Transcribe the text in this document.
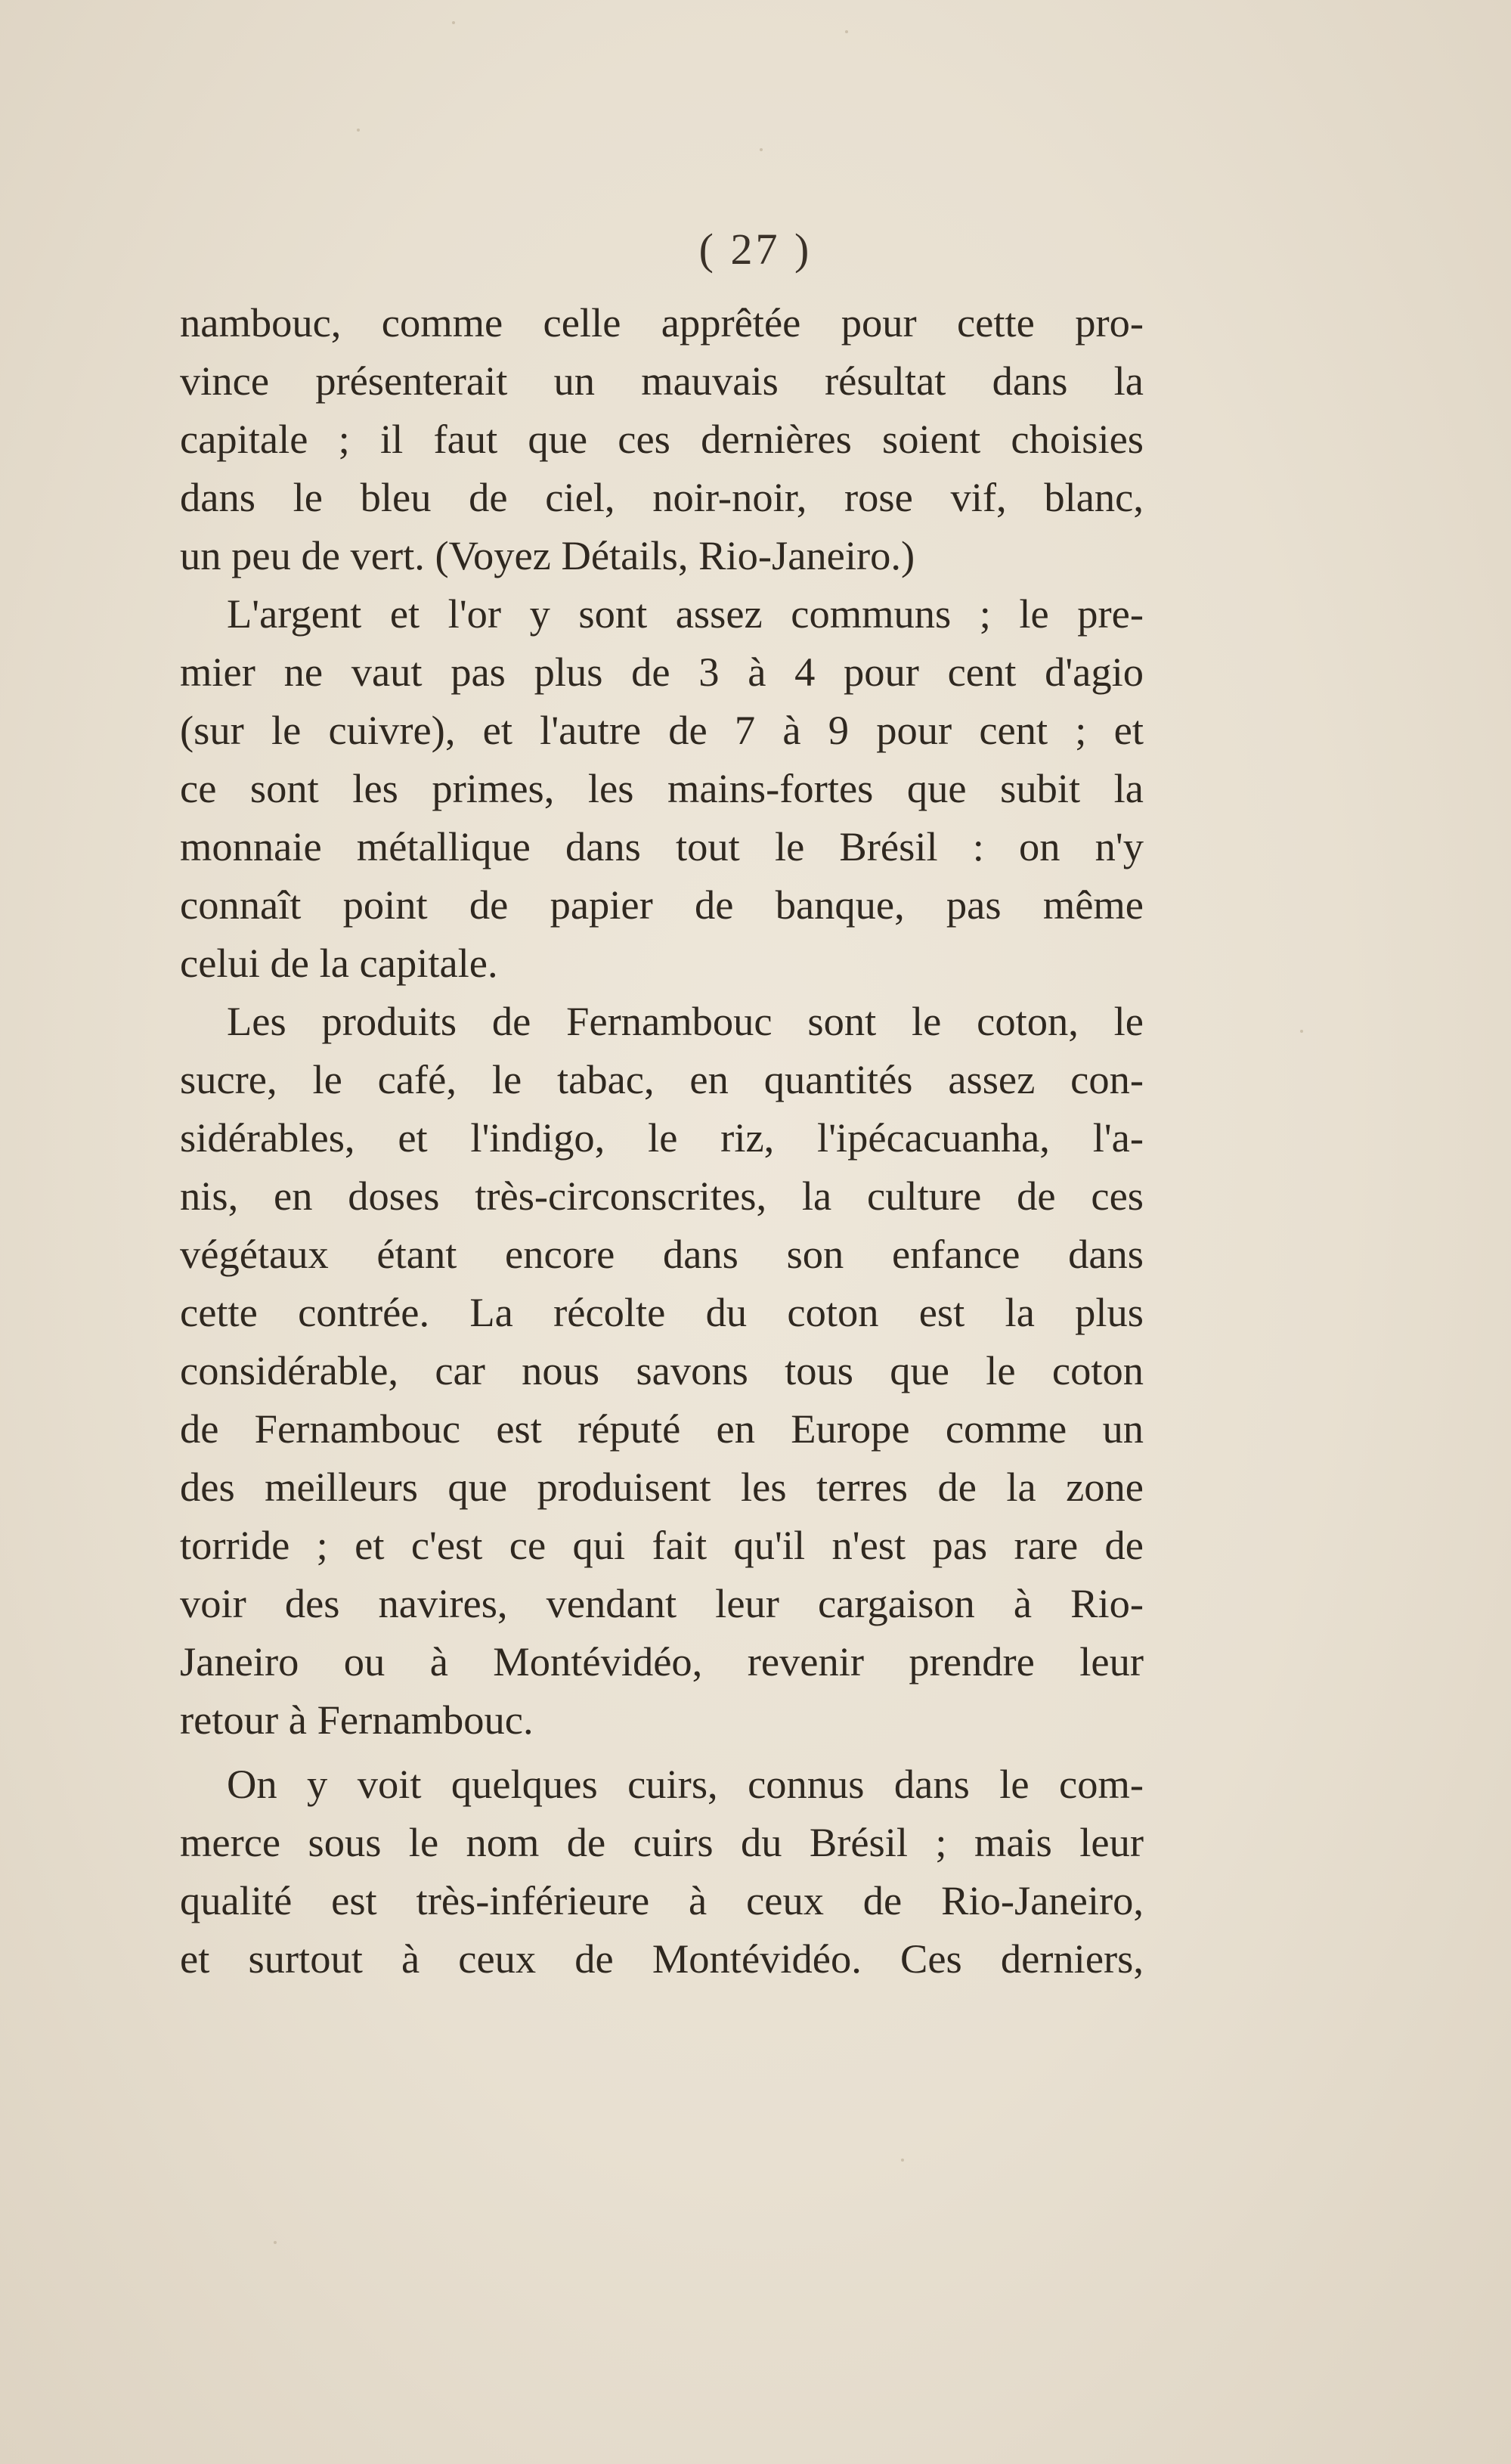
( 27 )
nambouc, comme celle apprêtée pour cette pro-
vince présenterait un mauvais résultat dans la
capitale ; il faut que ces dernières soient choisies
dans le bleu de ciel, noir-noir, rose vif, blanc,
un peu de vert. (Voyez Détails, Rio-Janeiro.)
L'argent et l'or y sont assez communs ; le pre-
mier ne vaut pas plus de 3 à 4 pour cent d'agio
(sur le cuivre), et l'autre de 7 à 9 pour cent ; et
ce sont les primes, les mains-fortes que subit la
monnaie métallique dans tout le Brésil : on n'y
connaît point de papier de banque, pas même
celui de la capitale.
Les produits de Fernambouc sont le coton, le
sucre, le café, le tabac, en quantités assez con-
sidérables, et l'indigo, le riz, l'ipécacuanha, l'a-
nis, en doses très-circonscrites, la culture de ces
végétaux étant encore dans son enfance dans
cette contrée. La récolte du coton est la plus
considérable, car nous savons tous que le coton
de Fernambouc est réputé en Europe comme un
des meilleurs que produisent les terres de la zone
torride ; et c'est ce qui fait qu'il n'est pas rare de
voir des navires, vendant leur cargaison à Rio-
Janeiro ou à Montévidéo, revenir prendre leur
retour à Fernambouc.
On y voit quelques cuirs, connus dans le com-
merce sous le nom de cuirs du Brésil ; mais leur
qualité est très-inférieure à ceux de Rio-Janeiro,
et surtout à ceux de Montévidéo. Ces derniers,
